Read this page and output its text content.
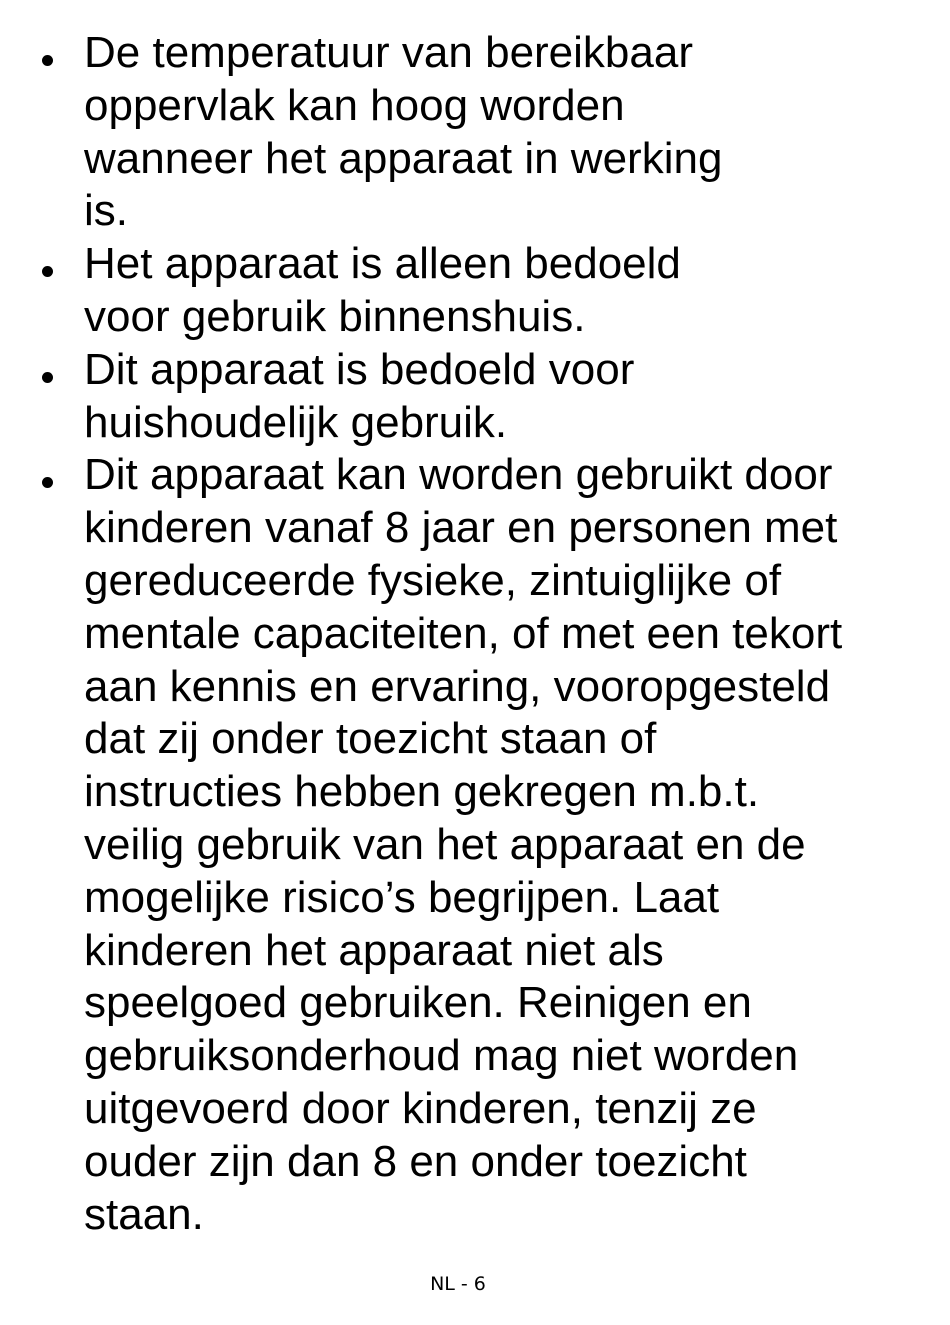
De temperatuur van bereikbaar
oppervlak kan hoog worden
wanneer het apparaat in werking
is.
Het apparaat is alleen bedoeld
voor gebruik binnenshuis.
Dit apparaat is bedoeld voor
huishoudelijk gebruik.
Dit apparaat kan worden gebruikt door
kinderen vanaf 8 jaar en personen met
gereduceerde fysieke, zintuiglijke of
mentale capaciteiten, of met een tekort
aan kennis en ervaring, vooropgesteld
dat zij onder toezicht staan of
instructies hebben gekregen m.b.t.
veilig gebruik van het apparaat en de
mogelijke risico’s begrijpen. Laat
kinderen het apparaat niet als
speelgoed gebruiken. Reinigen en
gebruiksonderhoud mag niet worden
uitgevoerd door kinderen, tenzij ze
ouder zijn dan 8 en onder toezicht
staan.
NL - 6
